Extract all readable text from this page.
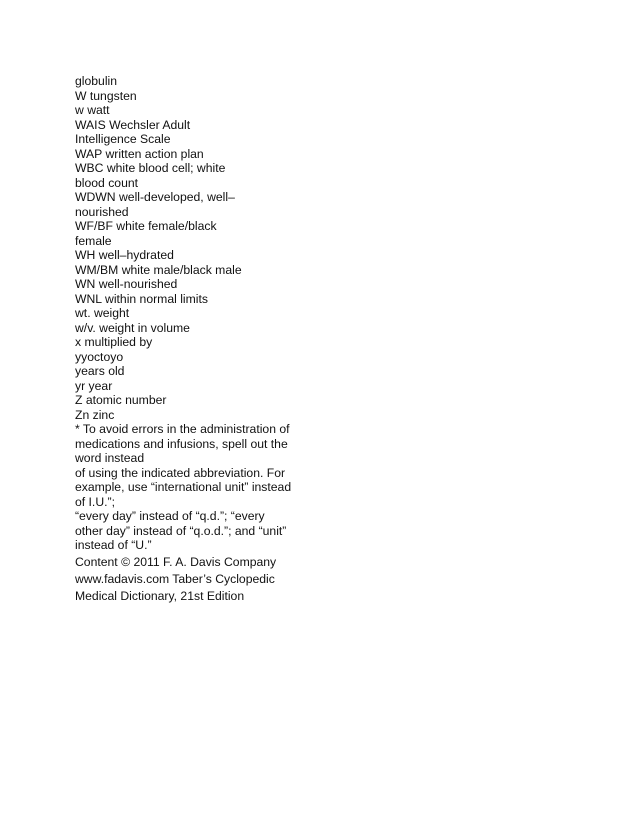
globulin
W tungsten
w watt
WAIS Wechsler Adult
Intelligence Scale
WAP written action plan
WBC white blood cell; white
blood count
WDWN well-developed, well–
nourished
WF/BF white female/black
female
WH well–hydrated
WM/BM white male/black male
WN well-nourished
WNL within normal limits
wt. weight
w/v. weight in volume
x multiplied by
yyoctoyo
years old
yr year
Z atomic number
Zn zinc
* To avoid errors in the administration of
medications and infusions, spell out the
word instead
of using the indicated abbreviation. For
example, use “international unit” instead
of I.U.”;
“every day” instead of “q.d.”; “every
other day” instead of “q.o.d.”; and “unit”
instead of “U.”
Content © 2011 F. A. Davis Company
www.fadavis.com Taber’s Cyclopedic
Medical Dictionary, 21st Edition
